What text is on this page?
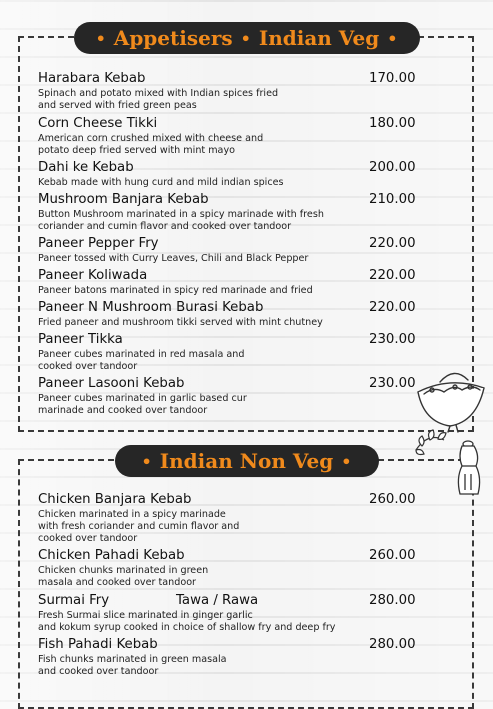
• Appetisers • Indian Veg •
• Indian Non Veg •
Harabara Kebab
Spinach and potato mixed with Indian spices fried
and served with fried green peas
170.00
Corn Cheese Tikki
American corn crushed mixed with cheese and
potato deep fried served with mint mayo
180.00
Dahi ke Kebab
Kebab made with hung curd and mild indian spices
200.00
Mushroom Banjara Kebab
Button Mushroom marinated in a spicy marinade with fresh
coriander and cumin flavor and cooked over tandoor
210.00
Paneer Pepper Fry
Paneer tossed with Curry Leaves, Chili and Black Pepper
220.00
Paneer Koliwada
Paneer batons marinated in spicy red marinade and fried
220.00
Paneer N Mushroom Burasi Kebab
Fried paneer and mushroom tikki served with mint chutney
220.00
Paneer Tikka
Paneer cubes marinated in red masala and
cooked over tandoor
230.00
Paneer Lasooni Kebab
Paneer cubes marinated in garlic based cur
marinade and cooked over tandoor
230.00
Chicken Banjara Kebab
Chicken marinated in a spicy marinade
with fresh coriander and cumin flavor and
cooked over tandoor
260.00
Chicken Pahadi Kebab
Chicken chunks marinated in green
masala and cooked over tandoor
260.00
Surmai Fry	Tawa / Rawa
Fresh Surmai slice marinated in ginger garlic
and kokum syrup cooked in choice of shallow fry and deep fry
280.00
Fish Pahadi Kebab
Fish chunks marinated in green masala
and cooked over tandoor
280.00
